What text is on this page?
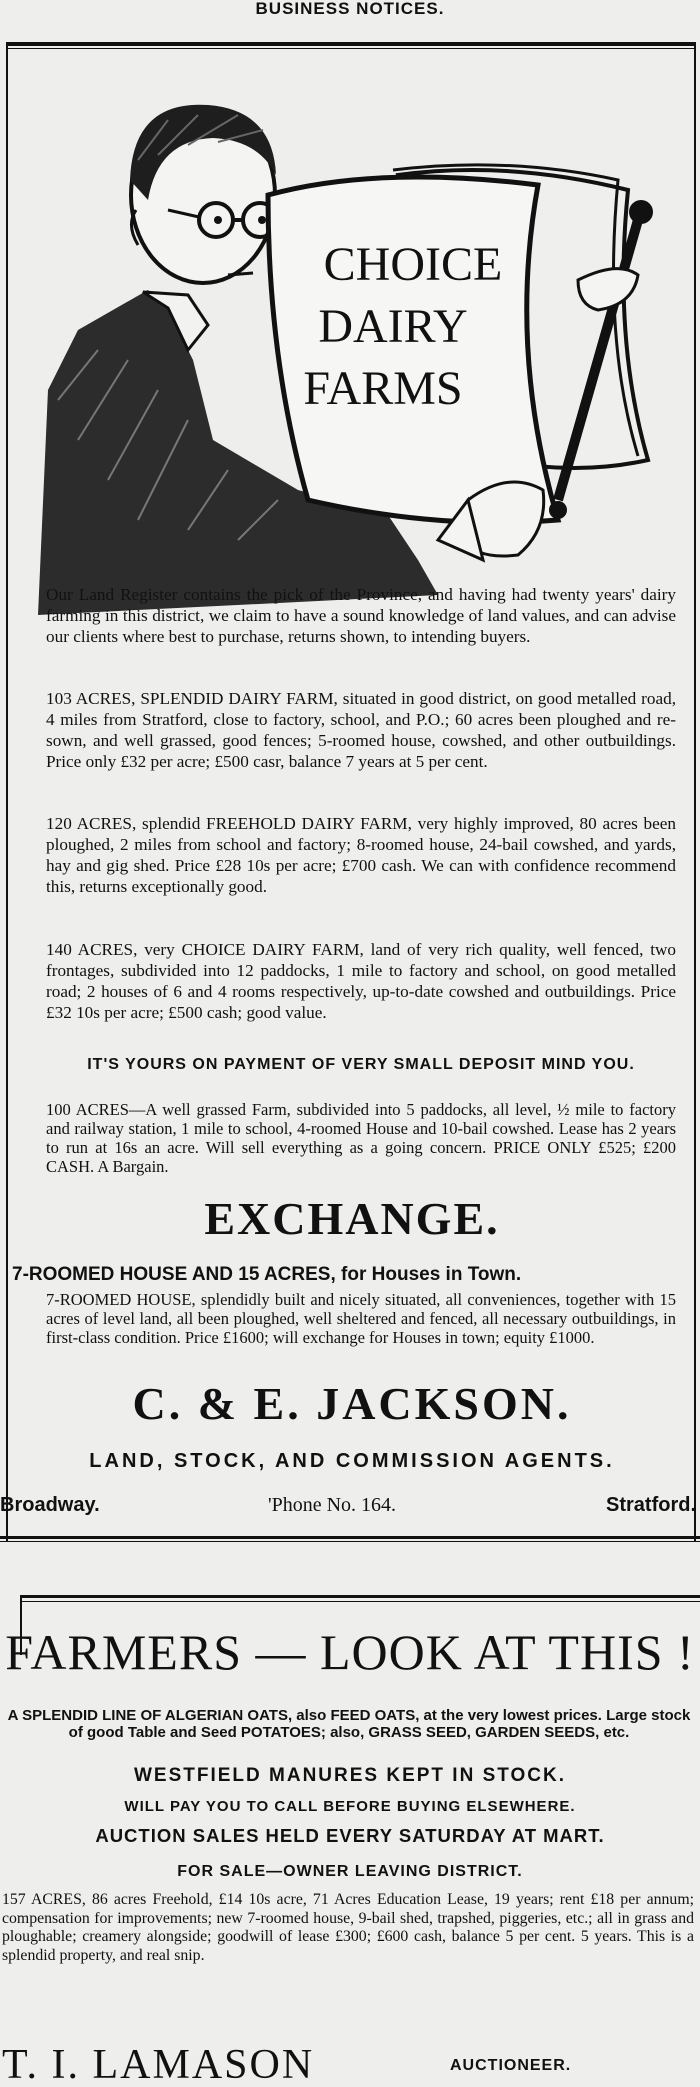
BUSINESS NOTICES.
CHOICE
DAIRY
FARMS
Our Land Register contains the pick of the Province, and having had twenty years' dairy farming in this district, we claim to have a sound knowledge of land values, and can advise our clients where best to purchase, returns shown, to intending buyers.
103 ACRES, SPLENDID DAIRY FARM, situated in good district, on good metalled road, 4 miles from Stratford, close to factory, school, and P.O.; 60 acres been ploughed and re-sown, and well grassed, good fences; 5-roomed house, cowshed, and other outbuildings. Price only £32 per acre; £500 casr, balance 7 years at 5 per cent.
120 ACRES, splendid FREEHOLD DAIRY FARM, very highly improved, 80 acres been ploughed, 2 miles from school and factory; 8-roomed house, 24-bail cowshed, and yards, hay and gig shed. Price £28 10s per acre; £700 cash. We can with confidence recommend this, returns exceptionally good.
140 ACRES, very CHOICE DAIRY FARM, land of very rich quality, well fenced, two frontages, subdivided into 12 paddocks, 1 mile to factory and school, on good metalled road; 2 houses of 6 and 4 rooms respectively, up-to-date cowshed and outbuildings. Price £32 10s per acre; £500 cash; good value.
IT'S YOURS ON PAYMENT OF VERY SMALL DEPOSIT MIND YOU.
100 ACRES—A well grassed Farm, subdivided into 5 paddocks, all level, ½ mile to factory and railway station, 1 mile to school, 4-roomed House and 10-bail cowshed. Lease has 2 years to run at 16s an acre. Will sell everything as a going concern. PRICE ONLY £525; £200 CASH. A Bargain.
EXCHANGE.
7-ROOMED HOUSE AND 15 ACRES, for Houses in Town.
7-ROOMED HOUSE, splendidly built and nicely situated, all conveniences, together with 15 acres of level land, all been ploughed, well sheltered and fenced, all necessary outbuildings, in first-class condition. Price £1600; will exchange for Houses in town; equity £1000.
C. & E. JACKSON.
LAND, STOCK, AND COMMISSION AGENTS.
Broadway.	'Phone No. 164.	Stratford.
FARMERS — LOOK AT THIS !
A SPLENDID LINE OF ALGERIAN OATS, also FEED OATS, at the very lowest prices. Large stock of good Table and Seed POTATOES; also, GRASS SEED, GARDEN SEEDS, etc.
WESTFIELD MANURES KEPT IN STOCK.
WILL PAY YOU TO CALL BEFORE BUYING ELSEWHERE.
AUCTION SALES HELD EVERY SATURDAY AT MART.
FOR SALE—OWNER LEAVING DISTRICT.
157 ACRES, 86 acres Freehold, £14 10s acre, 71 Acres Education Lease, 19 years; rent £18 per annum; compensation for improvements; new 7-roomed house, 9-bail shed, trapshed, piggeries, etc.; all in grass and ploughable; creamery alongside; goodwill of lease £300; £600 cash, balance 5 per cent. 5 years. This is a splendid property, and real snip.
T. I. LAMASON	AUCTIONEER.
